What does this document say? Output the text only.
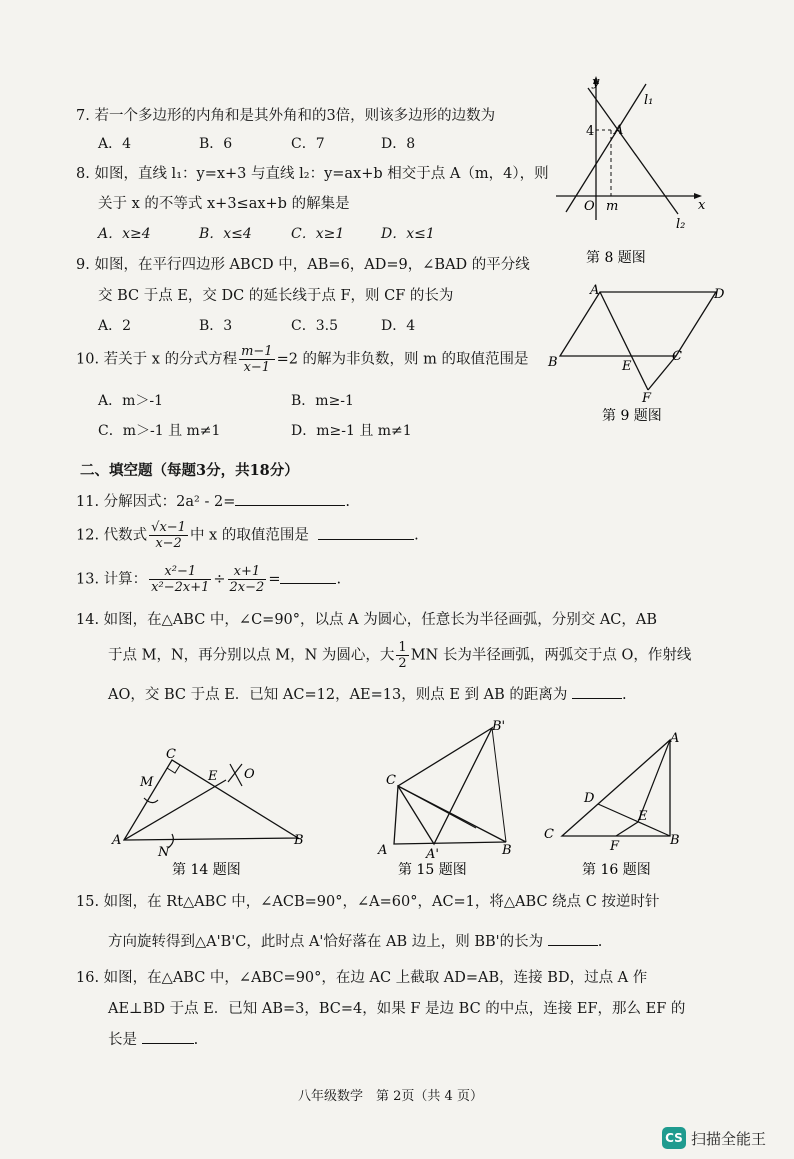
7. 若一个多边形的内角和是其外角和的3倍，则该多边形的边数为
A．4	B．6	C．7	D．8
8. 如图，直线 l₁：y=x+3 与直线 l₂：y=ax+b 相交于点 A（m，4），则
关于 x 的不等式 x+3≤ax+b 的解集是
A．x≥4	B．x≤4	C．x≥1	D．x≤1
y
x
O m
4 A
l₁
l₂
第 8 题图
9. 如图，在平行四边形 ABCD 中，AB=6，AD=9，∠BAD 的平分线
交 BC 于点 E，交 DC 的延长线于点 F，则 CF 的长为
A．2	B．3	C．3.5	D．4
A	D
B	C
E
F
第 9 题图
10. 若关于 x 的分式方程 $\frac{m-1}{x-1} =2$ 的解为非负数，则 m 的取值范围是
A．m＞-1	B．m≥-1
C．m＞-1 且 m≠1	D．m≥-1 且 m≠1
二、填空题（每题3分，共18分）
11. 分解因式：2a² - 2=	.
12. 代数式 $\frac{√x-1}{x-2}$ 中 x 的取值范围是	.
13. 计算： $\frac{\text{x²−1}}{\text{x²−2x+1}} \div \frac{x+1}{2x-2}$ =	.
14. 如图，在△ABC 中，∠C=90°，以点 A 为圆心，任意长为半径画弧，分别交 AC，AB
于点 M，N，再分别以点 M，N 为圆心，大 $\frac{1}{2}$ MN 长为半径画弧，两弧交于点 O，作射线
AO，交 BC 于点 E．已知 AC=12，AE=13，则点 E 到 AB 的距离为	.
A	B
C
M
N
E O
第 14 题图
C
A	A'	B
B'
第 15 题图
A
B
C
D
E
F
第 16 题图
15. 如图，在 Rt△ABC 中，∠ACB=90°，∠A=60°，AC=1，将△ABC 绕点 C 按逆时针
方向旋转得到△A'B'C，此时点 A'恰好落在 AB 边上，则 BB'的长为	.
16. 如图，在△ABC 中，∠ABC=90°，在边 AC 上截取 AD=AB，连接 BD，过点 A 作
AE⊥BD 于点 E．已知 AB=3，BC=4，如果 F 是边 BC 的中点，连接 EF，那么 EF 的
长是	.
八年级数学　第 2页（共 4 页）
CS 扫描全能王
